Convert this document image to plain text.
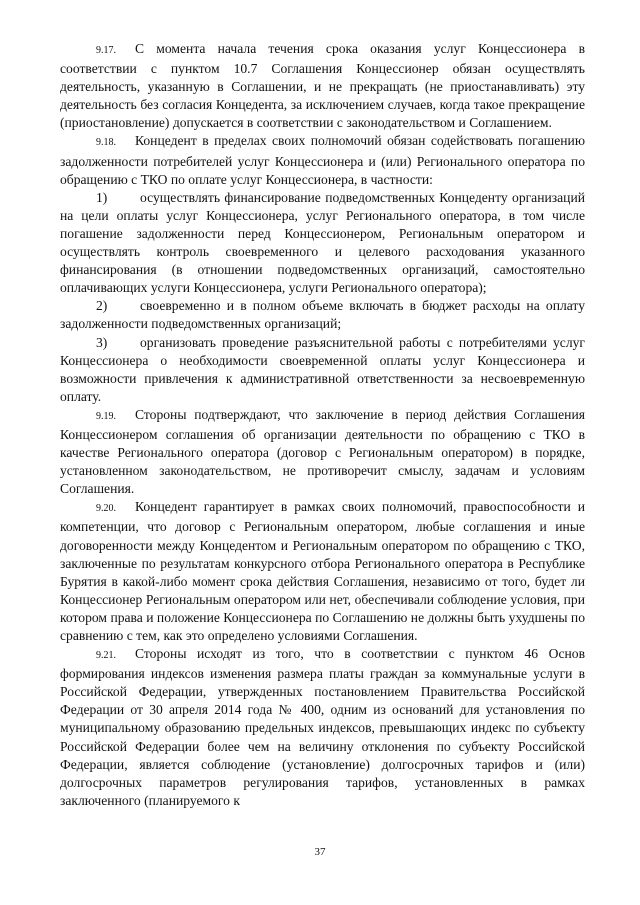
9.17. С момента начала течения срока оказания услуг Концессионера в соответствии с пунктом 10.7 Соглашения Концессионер обязан осуществлять деятельность, указанную в Соглашении, и не прекращать (не приостанавливать) эту деятельность без согласия Концедента, за исключением случаев, когда такое прекращение (приостановление) допускается в соответствии с законодательством и Соглашением.

9.18. Концедент в пределах своих полномочий обязан содействовать погашению задолженности потребителей услуг Концессионера и (или) Регионального оператора по обращению с ТКО по оплате услуг Концессионера, в частности:

1) осуществлять финансирование подведомственных Концеденту организаций на цели оплаты услуг Концессионера, услуг Регионального оператора, в том числе погашение задолженности перед Концессионером, Региональным оператором и осуществлять контроль своевременного и целевого расходования указанного финансирования (в отношении подведомственных организаций, самостоятельно оплачивающих услуги Концессионера, услуги Регионального оператора);

2) своевременно и в полном объеме включать в бюджет расходы на оплату задолженности подведомственных организаций;

3) организовать проведение разъяснительной работы с потребителями услуг Концессионера о необходимости своевременной оплаты услуг Концессионера и возможности привлечения к административной ответственности за несвоевременную оплату.

9.19. Стороны подтверждают, что заключение в период действия Соглашения Концессионером соглашения об организации деятельности по обращению с ТКО в качестве Регионального оператора (договор с Региональным оператором) в порядке, установленном законодательством, не противоречит смыслу, задачам и условиям Соглашения.

9.20. Концедент гарантирует в рамках своих полномочий, правоспособности и компетенции, что договор с Региональным оператором, любые соглашения и иные договоренности между Концедентом и Региональным оператором по обращению с ТКО, заключенные по результатам конкурсного отбора Регионального оператора в Республике Бурятия в какой-либо момент срока действия Соглашения, независимо от того, будет ли Концессионер Региональным оператором или нет, обеспечивали соблюдение условия, при котором права и положение Концессионера по Соглашению не должны быть ухудшены по сравнению с тем, как это определено условиями Соглашения.

9.21. Стороны исходят из того, что в соответствии с пунктом 46 Основ формирования индексов изменения размера платы граждан за коммунальные услуги в Российской Федерации, утвержденных постановлением Правительства Российской Федерации от 30 апреля 2014 года № 400, одним из оснований для установления по муниципальному образованию предельных индексов, превышающих индекс по субъекту Российской Федерации более чем на величину отклонения по субъекту Российской Федерации, является соблюдение (установление) долгосрочных тарифов и (или) долгосрочных параметров регулирования тарифов, установленных в рамках заключенного (планируемого к

37
